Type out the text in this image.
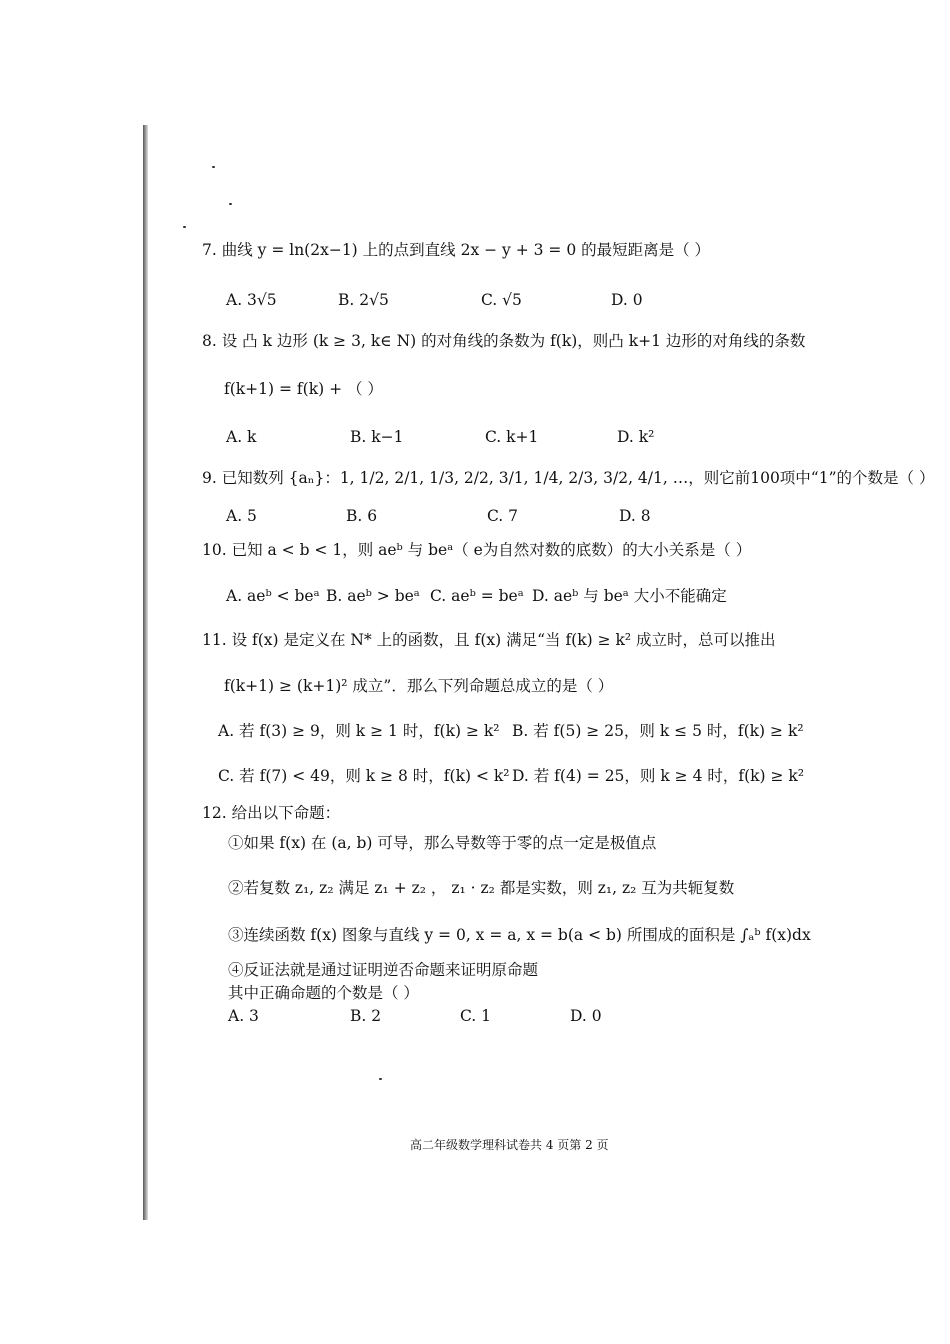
7. 曲线 y = ln(2x−1) 上的点到直线 2x − y + 3 = 0 的最短距离是（ ）
A. 3√5	B. 2√5	C. √5	D. 0
8. 设 凸 k 边形 (k ≥ 3, k∈ N) 的对角线的条数为 f(k)，则凸 k+1 边形的对角线的条数
f(k+1) = f(k) + （ ）
A. k	B. k−1	C. k+1	D. k²
9. 已知数列 {aₙ}：1, 1/2, 2/1, 1/3, 2/2, 3/1, 1/4, 2/3, 3/2, 4/1, …，则它前100项中“1”的个数是（ ）
A. 5	B. 6	C. 7	D. 8
10. 已知 a < b < 1，则 aeᵇ 与 beᵃ（ e为自然对数的底数）的大小关系是（ ）
A. aeᵇ < beᵃ B. aeᵇ > beᵃ C. aeᵇ = beᵃ D. aeᵇ 与 beᵃ 大小不能确定
11. 设 f(x) 是定义在 N* 上的函数，且 f(x) 满足“当 f(k) ≥ k² 成立时，总可以推出
f(k+1) ≥ (k+1)² 成立”．那么下列命题总成立的是（ ）
A. 若 f(3) ≥ 9，则 k ≥ 1 时，f(k) ≥ k² B. 若 f(5) ≥ 25，则 k ≤ 5 时，f(k) ≥ k²
C. 若 f(7) < 49，则 k ≥ 8 时，f(k) < k² D. 若 f(4) = 25，则 k ≥ 4 时，f(k) ≥ k²
12. 给出以下命题：
①如果 f(x) 在 (a, b) 可导，那么导数等于零的点一定是极值点
②若复数 z₁, z₂ 满足 z₁ + z₂ ， z₁ · z₂ 都是实数，则 z₁, z₂ 互为共轭复数
③连续函数 f(x) 图象与直线 y = 0, x = a, x = b(a < b) 所围成的面积是 ∫ₐᵇ f(x)dx
④反证法就是通过证明逆否命题来证明原命题
其中正确命题的个数是（ ）
A. 3	B. 2	C. 1	D. 0
高二年级数学理科试卷共 4 页第 2 页
